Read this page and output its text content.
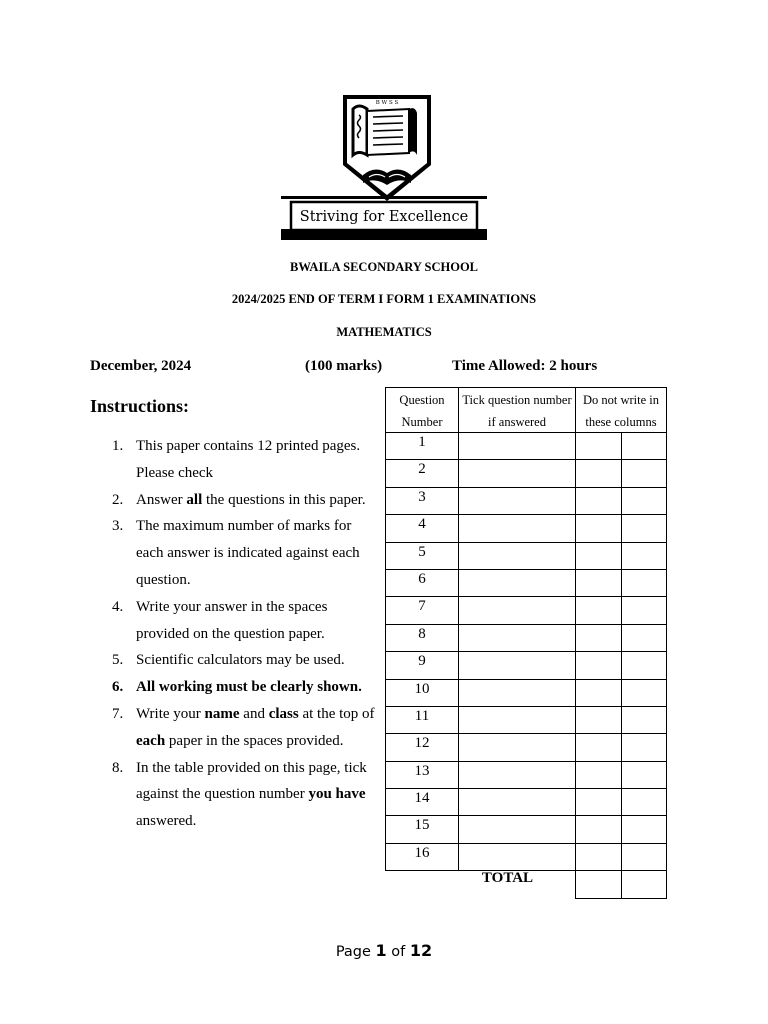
B W S S
Striving for Excellence
BWAILA SECONDARY SCHOOL
2024/2025 END OF TERM I FORM 1 EXAMINATIONS
MATHEMATICS
December, 2024	(100 marks)	Time Allowed: 2 hours
Instructions:
1. This paper contains 12 printed pages. Please check
2. Answer all the questions in this paper.
3. The maximum number of marks for each answer is indicated against each question.
4. Write your answer in the spaces provided on the question paper.
5. Scientific calculators may be used.
6. All working must be clearly shown.
7. Write your name and class at the top of each paper in the spaces provided.
8. In the table provided on this page, tick against the question number you have answered.
Question Number
Tick question number if answered
Do not write in these columns
1
2
3
4
5
6
7
8
9
10
11
12
13
14
15
16
TOTAL
Page 1 of 12
